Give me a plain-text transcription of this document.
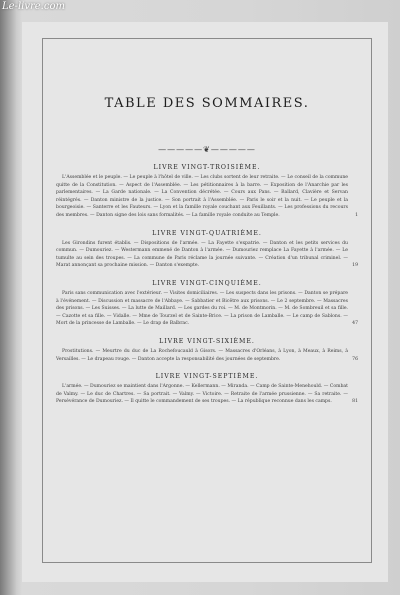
Le-livre.com
TABLE DES SOMMAIRES.
—————❦—————
LIVRE VINGT-TROISIÈME.
L'Assemblée et le peuple. — Le peuple à l'hôtel de ville. — Les clubs sortent de leur retraite. — Le conseil de la commune quitte de la Constitution. — Aspect de l'Assemblée. — Les pétitionnaires à la barre. — Exposition de l'Anarchie par les parlementaires. — La Garde nationale. — La Convention décrétée. — Cours aux Pans. — Ballard, Clavière et Servan réintégrés. — Danton ministre de la justice. — Son portrait à l'Assemblée. — Paris le soir et la nuit. — Le peuple et la bourgeoisie. — Santerre et les Fauteurs. — Lyon et la famille royale couchant aux Feuillants. — Les professions du recours des membres. — Danton signe des lois sans formalités. — La famille royale conduite au Temple.	1
LIVRE VINGT-QUATRIÈME.
Les Girondins furent établis. — Dispositions de l'armée. — La Fayette s'expatrie. — Danton et les petits services du commun. — Dumouriez. — Westermann emmené de Danton à l'armée. — Dumouriez remplace La Fayette à l'armée. — Le tumulte au sein des troupes. — La commune de Paris réclame la journée suivante. — Création d'un tribunal criminel. — Marat annonçant sa prochaine mission. — Danton s'exempte.	19
LIVRE VINGT-CINQUIÈME.
Paris sans communication avec l'extérieur. — Visites domiciliaires. — Les suspects dans les prisons. — Danton se prépare à l'événement. — Discussion et massacre de l'Abbaye. — Sabbatier et Bicêtre aux prisons. — Le 2 septembre. — Massacres des prisons. — Les Suisses. — La lutte de Maillard. — Les gardes du roi. — M. de Montmorin. — M. de Sombreuil et sa fille. — Cazotte et sa fille. — Vidalle. — Mme de Tourzel et de Sainte-Brice. — La prison de Lamballe. — Le camp de Sablons. — Mort de la princesse de Lamballe. — Le drap de Balbrac.	47
LIVRE VINGT-SIXIÈME.
Prostitutions. — Meurtre du duc de La Rochefoucauld à Gisors. — Massacres d'Orléans, à Lyon, à Meaux, à Reims, à Versailles. — Le drapeau rouge. — Danton accepte la responsabilité des journées de septembre.	76
LIVRE VINGT-SEPTIÈME.
L'armée. — Dumouriez se maintient dans l'Argonne. — Kellermann. — Miranda. — Camp de Sainte-Menehould. — Combat de Valmy. — Le duc de Chartres. — Sa portrait. — Valmy. — Victoire. — Retraite de l'armée prussienne. — Sa retraite. — Persévérance de Dumouriez. — Il quitte le commandement de ses troupes. — La république reconnue dans les camps.	81
